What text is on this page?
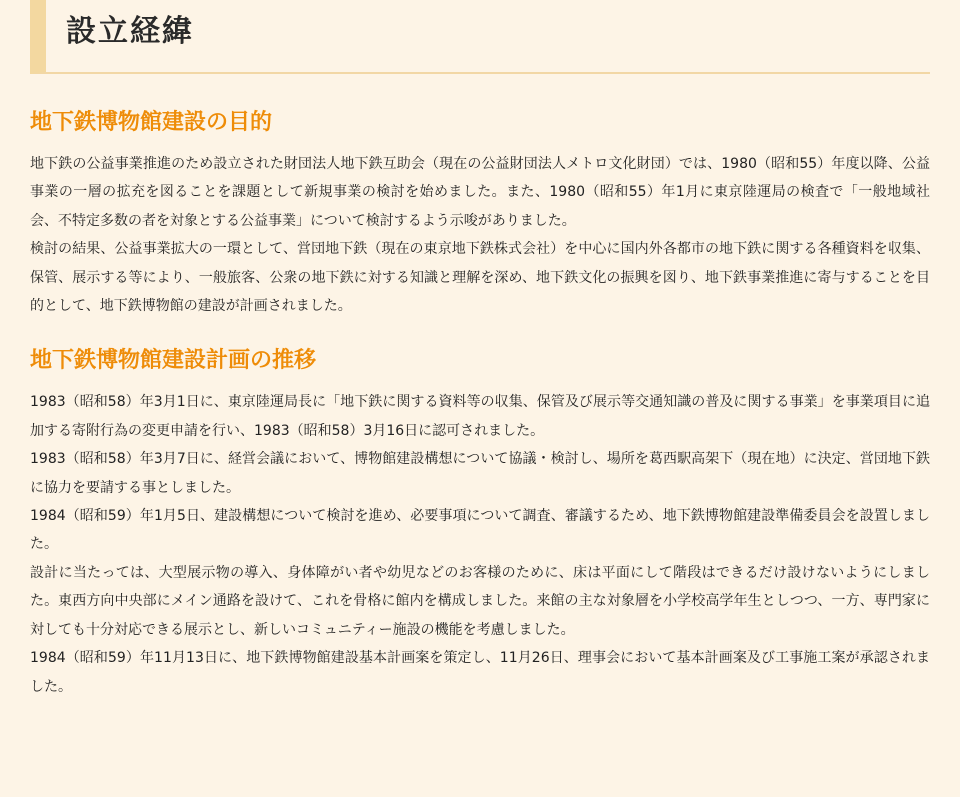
設立経緯
地下鉄博物館建設の目的

地下鉄の公益事業推進のため設立された財団法人地下鉄互助会（現在の公益財団法人メトロ文化財団）では、1980（昭和55）年度以降、公益事業の一層の拡充を図ることを課題として新規事業の検討を始めました。また、1980（昭和55）年1月に東京陸運局の検査で「一般地域社会、不特定多数の者を対象とする公益事業」について検討するよう示唆がありました。

検討の結果、公益事業拡大の一環として、営団地下鉄（現在の東京地下鉄株式会社）を中心に国内外各都市の地下鉄に関する各種資料を収集、保管、展示する等により、一般旅客、公衆の地下鉄に対する知識と理解を深め、地下鉄文化の振興を図り、地下鉄事業推進に寄与することを目的として、地下鉄博物館の建設が計画されました。

地下鉄博物館建設計画の推移

1983（昭和58）年3月1日に、東京陸運局長に「地下鉄に関する資料等の収集、保管及び展示等交通知識の普及に関する事業」を事業項目に追加する寄附行為の変更申請を行い、1983（昭和58）3月16日に認可されました。

1983（昭和58）年3月7日に、経営会議において、博物館建設構想について協議・検討し、場所を葛西駅高架下（現在地）に決定、営団地下鉄に協力を要請する事としました。

1984（昭和59）年1月5日、建設構想について検討を進め、必要事項について調査、審議するため、地下鉄博物館建設準備委員会を設置しました。

設計に当たっては、大型展示物の導入、身体障がい者や幼児などのお客様のために、床は平面にして階段はできるだけ設けないようにしました。東西方向中央部にメイン通路を設けて、これを骨格に館内を構成しました。来館の主な対象層を小学校高学年生としつつ、一方、専門家に対しても十分対応できる展示とし、新しいコミュニティー施設の機能を考慮しました。

1984（昭和59）年11月13日に、地下鉄博物館建設基本計画案を策定し、11月26日、理事会において基本計画案及び工事施工案が承認されました。
